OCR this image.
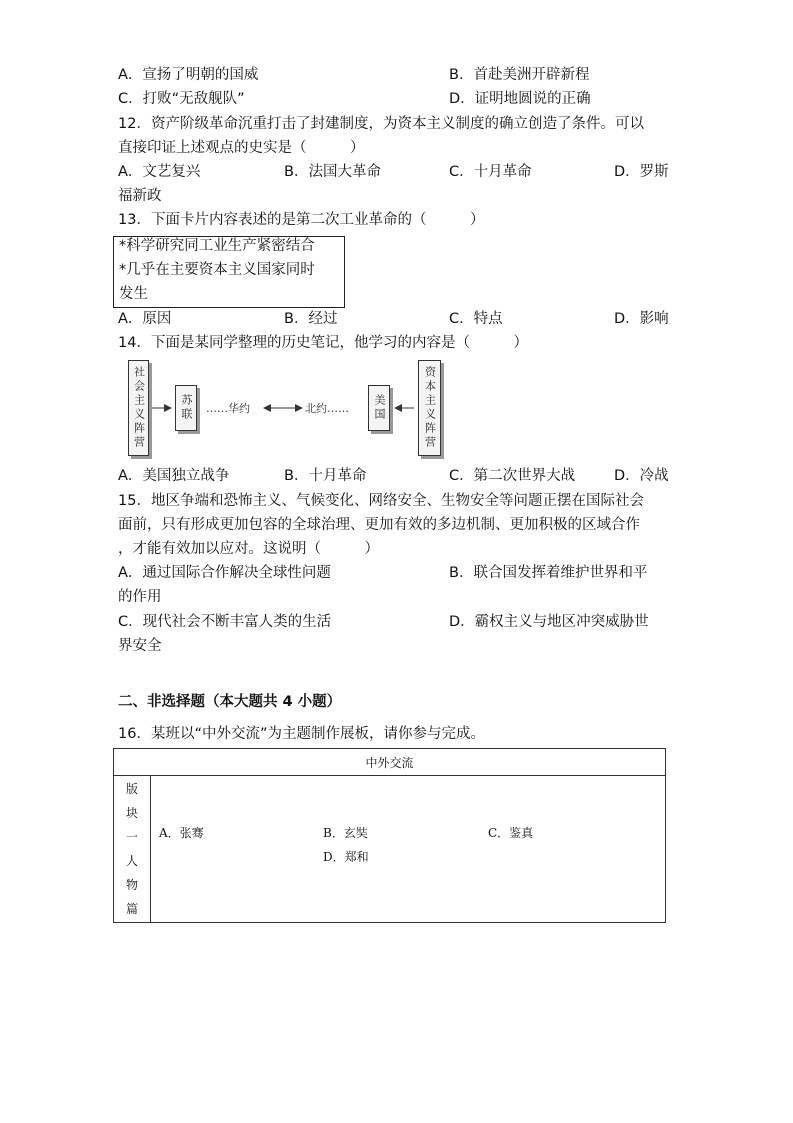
A．宣扬了明朝的国威	B．首赴美洲开辟新程
C．打败“无敌舰队”	D．证明地圆说的正确
12．资产阶级革命沉重打击了封建制度，为资本主义制度的确立创造了条件。可以
直接印证上述观点的史实是（　　　）
A．文艺复兴	B．法国大革命	C．十月革命	D．罗斯
福新政
13．下面卡片内容表述的是第二次工业革命的（　　　）
*科学研究同工业生产紧密结合
*几乎在主要资本主义国家同时
发生
A．原因	B．经过	C．特点	D．影响
14．下面是某同学整理的历史笔记，他学习的内容是（　　　）
社会主义阵营	苏联	美国	资本主义阵营
……华约	北约……
A．美国独立战争	B．十月革命	C．第二次世界大战	D．冷战
15．地区争端和恐怖主义、气候变化、网络安全、生物安全等问题正摆在国际社会
面前，只有形成更加包容的全球治理、更加有效的多边机制、更加积极的区域合作
，才能有效加以应对。这说明（　　　）
A．通过国际合作解决全球性问题	B．联合国发挥着维护世界和平
的作用
C．现代社会不断丰富人类的生活	D．霸权主义与地区冲突威胁世
界安全
二、非选择题（本大题共 4 小题）
16．某班以“中外交流”为主题制作展板，请你参与完成。
中外交流

版
块
一
人
物
篇

A．张骞	B．玄奘	C．鉴真
D．郑和
